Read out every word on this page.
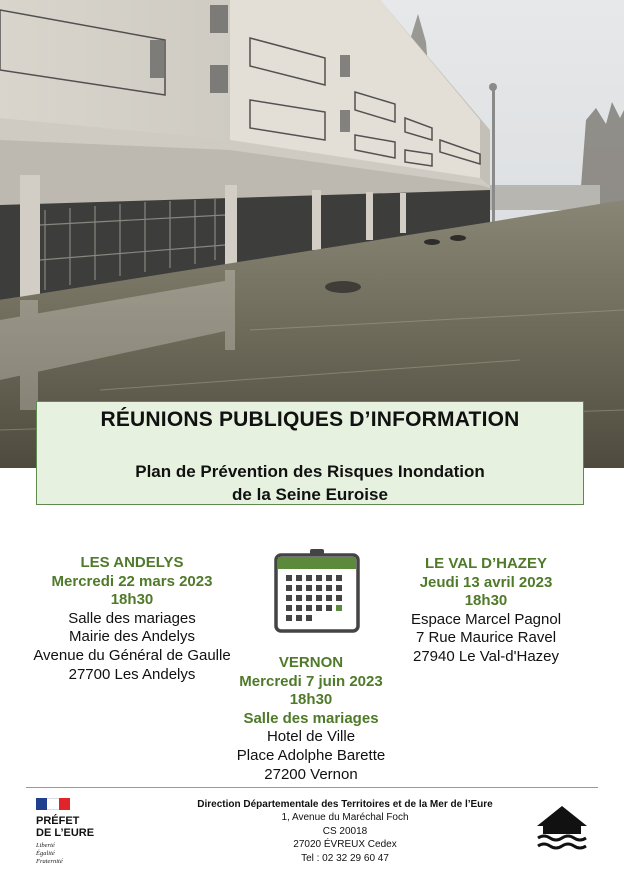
RÉUNIONS PUBLIQUES D’INFORMATION
Plan de Prévention des Risques Inondation
de la Seine Euroise
LES ANDELYS
Mercredi 22 mars 2023
18h30
Salle des mariages
Mairie des Andelys
Avenue du Général de Gaulle
27700 Les Andelys
LE VAL D’HAZEY
Jeudi 13 avril 2023
18h30
Espace Marcel Pagnol
7 Rue Maurice Ravel
27940 Le Val-d'Hazey
VERNON
Mercredi 7 juin 2023
18h30
Salle des mariages
Hotel de Ville
Place Adolphe Barette
27200 Vernon
PRÉFET
DE L’EURE
Liberté
Égalité
Fraternité
Direction Départementale des Territoires et de la Mer de l’Eure
1, Avenue du Maréchal Foch
CS 20018
27020 ÉVREUX Cedex
Tel : 02 32 29 60 47
